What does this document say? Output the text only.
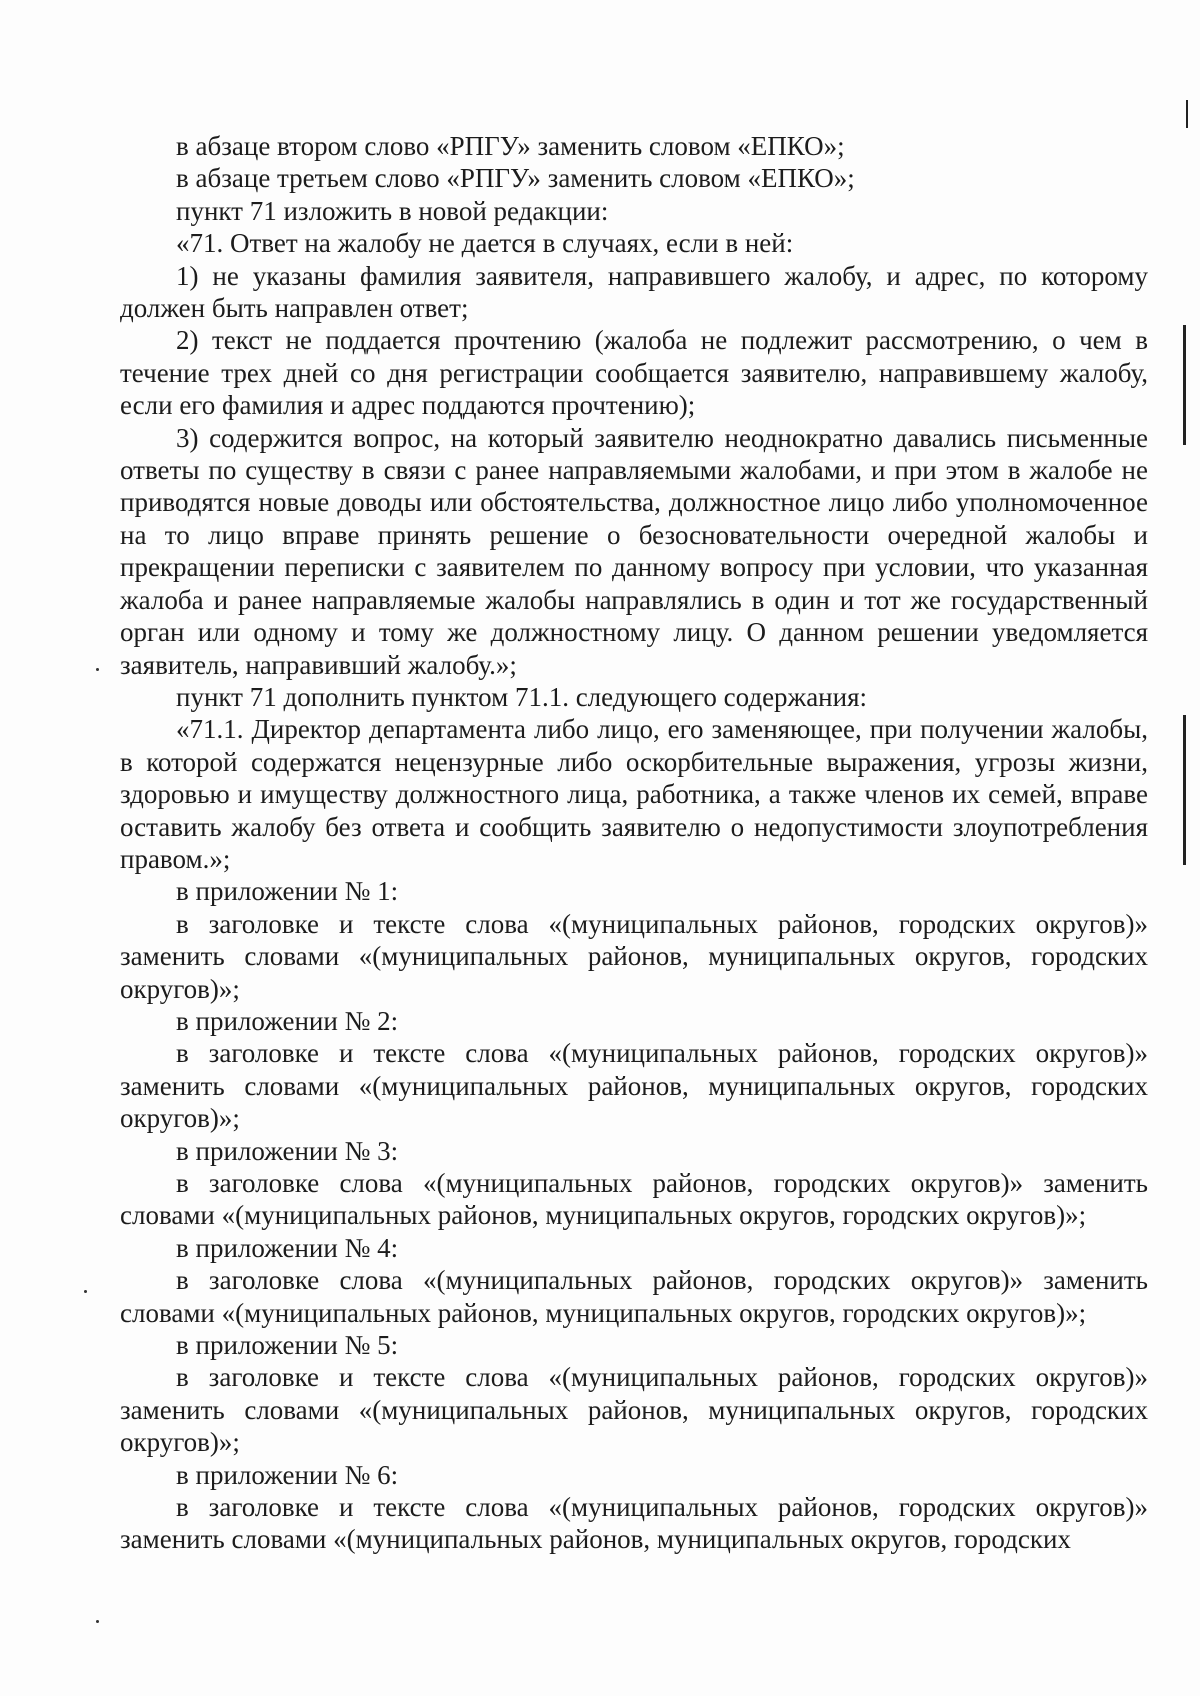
в абзаце втором слово «РПГУ» заменить словом «ЕПКО»;

в абзаце третьем слово «РПГУ» заменить словом «ЕПКО»;

пункт 71 изложить в новой редакции:

«71. Ответ на жалобу не дается в случаях, если в ней:

1) не указаны фамилия заявителя, направившего жалобу, и адрес, по которому должен быть направлен ответ;

2) текст не поддается прочтению (жалоба не подлежит рассмотрению, о чем в течение трех дней со дня регистрации сообщается заявителю, направившему жалобу, если его фамилия и адрес поддаются прочтению);

3) содержится вопрос, на который заявителю неоднократно давались письменные ответы по существу в связи с ранее направляемыми жалобами, и при этом в жалобе не приводятся новые доводы или обстоятельства, должностное лицо либо уполномоченное на то лицо вправе принять решение о безосновательности очередной жалобы и прекращении переписки с заявителем по данному вопросу при условии, что указанная жалоба и ранее направляемые жалобы направлялись в один и тот же государственный орган или одному и тому же должностному лицу. О данном решении уведомляется заявитель, направивший жалобу.»;

пункт 71 дополнить пунктом 71.1. следующего содержания:

«71.1. Директор департамента либо лицо, его заменяющее, при получении жалобы, в которой содержатся нецензурные либо оскорбительные выражения, угрозы жизни, здоровью и имуществу должностного лица, работника, а также членов их семей, вправе оставить жалобу без ответа и сообщить заявителю о недопустимости злоупотребления правом.»;

в приложении № 1:

в заголовке и тексте слова «(муниципальных районов, городских округов)» заменить словами «(муниципальных районов, муниципальных округов, городских округов)»;

в приложении № 2:

в заголовке и тексте слова «(муниципальных районов, городских округов)» заменить словами «(муниципальных районов, муниципальных округов, городских округов)»;

в приложении № 3:

в заголовке слова «(муниципальных районов, городских округов)» заменить словами «(муниципальных районов, муниципальных округов, городских округов)»;

в приложении № 4:

в заголовке слова «(муниципальных районов, городских округов)» заменить словами «(муниципальных районов, муниципальных округов, городских округов)»;

в приложении № 5:

в заголовке и тексте слова «(муниципальных районов, городских округов)» заменить словами «(муниципальных районов, муниципальных округов, городских округов)»;

в приложении № 6:

в заголовке и тексте слова «(муниципальных районов, городских округов)» заменить словами «(муниципальных районов, муниципальных округов, городских
